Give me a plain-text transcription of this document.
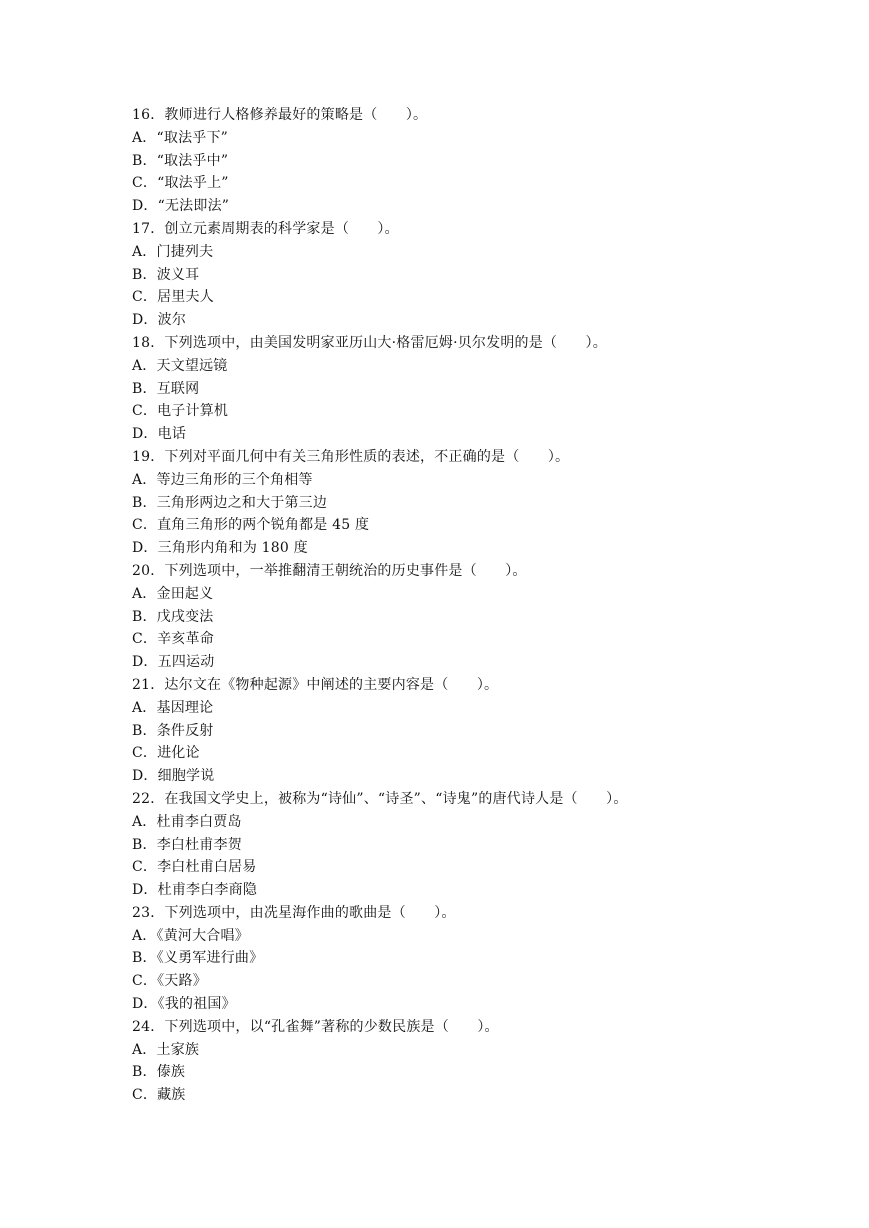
16．教师进行人格修养最好的策略是（　　）。
A．“取法乎下”
B．“取法乎中”
C．“取法乎上”
D．“无法即法”
17．创立元素周期表的科学家是（　　）。
A．门捷列夫
B．波义耳
C．居里夫人
D．波尔
18．下列选项中，由美国发明家亚历山大·格雷厄姆·贝尔发明的是（　　）。
A．天文望远镜
B．互联网
C．电子计算机
D．电话
19．下列对平面几何中有关三角形性质的表述，不正确的是（　　）。
A．等边三角形的三个角相等
B．三角形两边之和大于第三边
C．直角三角形的两个锐角都是 45 度
D．三角形内角和为 180 度
20．下列选项中，一举推翻清王朝统治的历史事件是（　　）。
A．金田起义
B．戊戌变法
C．辛亥革命
D．五四运动
21．达尔文在《物种起源》中阐述的主要内容是（　　）。
A．基因理论
B．条件反射
C．进化论
D．细胞学说
22．在我国文学史上，被称为“诗仙”、“诗圣”、“诗鬼”的唐代诗人是（　　）。
A．杜甫李白贾岛
B．李白杜甫李贺
C．李白杜甫白居易
D．杜甫李白李商隐
23．下列选项中，由冼星海作曲的歌曲是（　　）。
A．《黄河大合唱》
B．《义勇军进行曲》
C．《天路》
D．《我的祖国》
24．下列选项中，以“孔雀舞”著称的少数民族是（　　）。
A．土家族
B．傣族
C．藏族
